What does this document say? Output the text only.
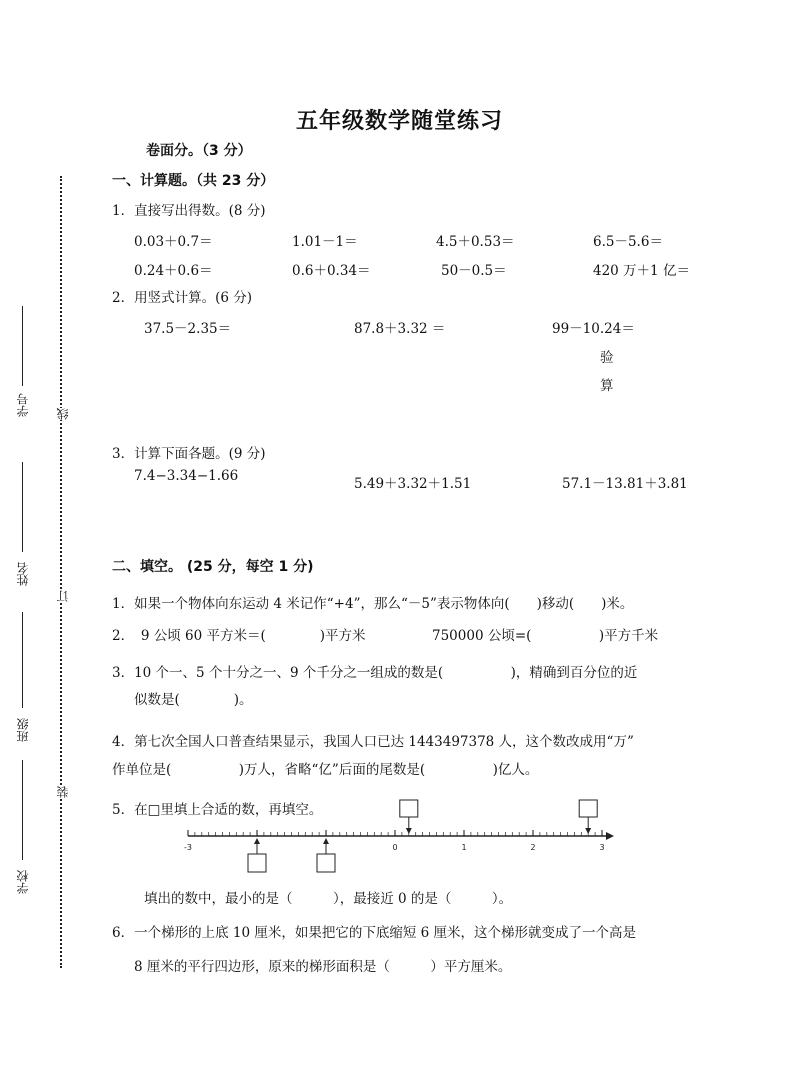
五年级数学随堂练习
卷面分。（3 分）
学号
姓名
班级
学校
线
订
装
一、计算题。（共 23 分）
1．直接写出得数。(8 分)
0.03＋0.7＝	1.01－1＝	4.5＋0.53＝	6.5－5.6＝
0.24＋0.6＝	0.6＋0.34＝	50－0.5＝	420 万＋1 亿＝
2．用竖式计算。(6 分)
37.5－2.35＝	87.8＋3.32 ＝	99－10.24＝
验
算
3．计算下面各题。(9 分)
7.4−3.34−1.66	5.49＋3.32＋1.51	57.1－13.81＋3.81
二、填空。 (25 分，每空 1 分)
1．如果一个物体向东运动 4 米记作“+4”，那么“－5”表示物体向(　　)移动(　　)米。
2．　9 公顷 60 平方米＝(　　　　)平方米	750000 公顷=(　　　　　)平方千米
3．10 个一、5 个十分之一、9 个千分之一组成的数是(　　　　　)，精确到百分位的近
似数是(　　　　)。
4．第七次全国人口普查结果显示，我国人口已达 1443497378 人，这个数改成用“万”
作单位是(　　　　　)万人，省略“亿”后面的尾数是(　　　　　)亿人。
5．在□里填上合适的数，再填空。
-3	0	1	2	3
填出的数中，最小的是（　　　），最接近 0 的是（　　　）。
6．一个梯形的上底 10 厘米，如果把它的下底缩短 6 厘米，这个梯形就变成了一个高是
8 厘米的平行四边形，原来的梯形面积是（　　　）平方厘米。
